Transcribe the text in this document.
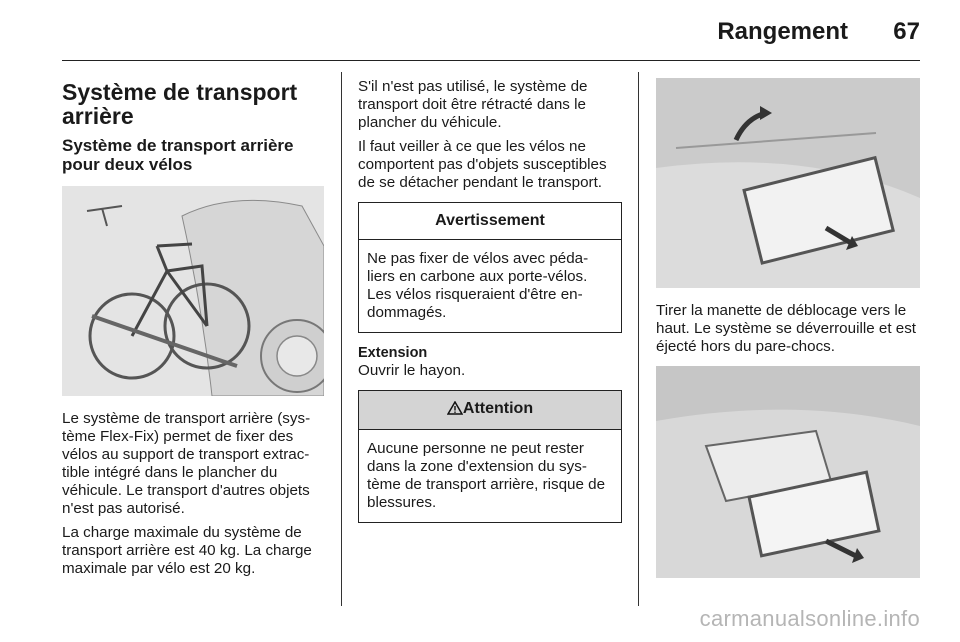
Rangement 67
Système de transport arrière
Système de transport arrière pour deux vélos

Le système de transport arrière (sys-tème Flex-Fix) permet de fixer des vélos au support de transport extrac-tible intégré dans le plancher du véhicule. Le transport d'autres objets n'est pas autorisé.

La charge maximale du système de transport arrière est 40 kg. La charge maximale par vélo est 20 kg.

S'il n'est pas utilisé, le système de transport doit être rétracté dans le plancher du véhicule.

Il faut veiller à ce que les vélos ne comportent pas d'objets susceptibles de se détacher pendant le transport.

Avertissement
Ne pas fixer de vélos avec péda-liers en carbone aux porte-vélos. Les vélos risqueraient d'être en-dommagés.
Extension

Ouvrir le hayon.

Attention
Aucune personne ne peut rester dans la zone d'extension du sys-tème de transport arrière, risque de blessures.

Tirer la manette de déblocage vers le haut. Le système se déverrouille et est éjecté hors du pare-chocs.

carmanualsonline.info
